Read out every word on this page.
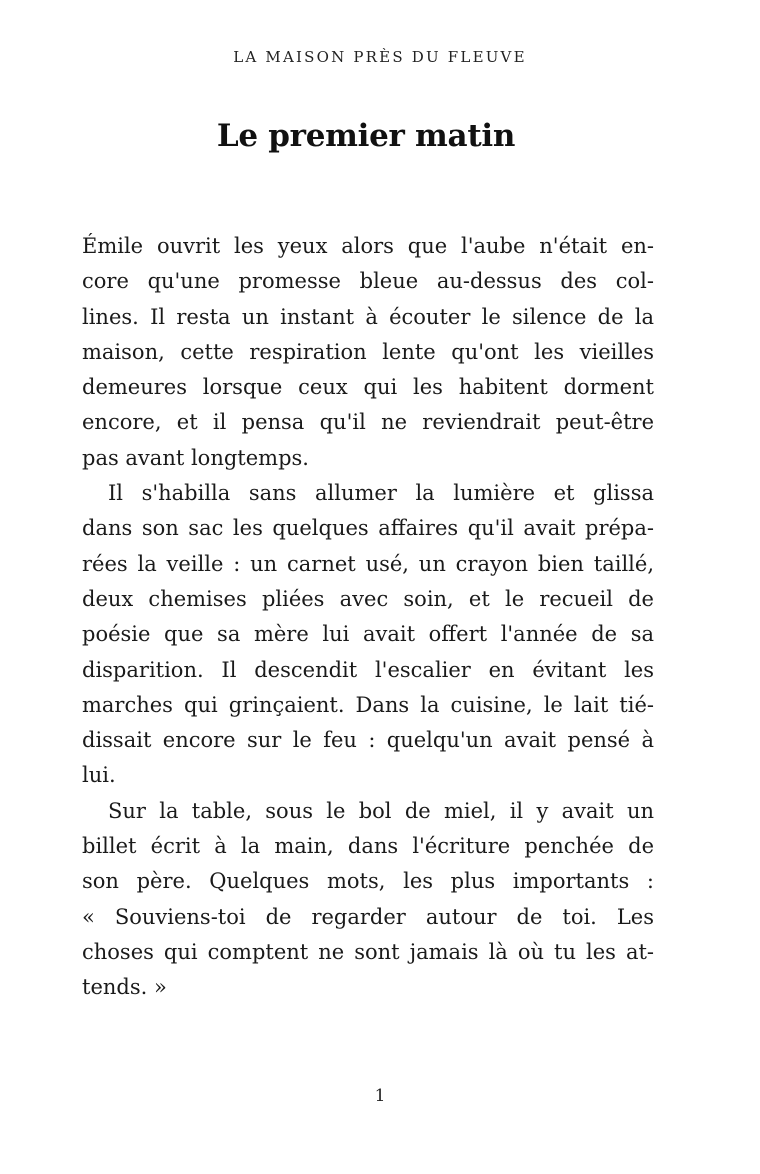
LA MAISON PRÈS DU FLEUVE
Le premier matin
Émile ouvrit les yeux alors que l'aube n'était en-
core qu'une promesse bleue au-dessus des col-
lines. Il resta un instant à écouter le silence de la
maison, cette respiration lente qu'ont les vieilles
demeures lorsque ceux qui les habitent dorment
encore, et il pensa qu'il ne reviendrait peut-être
pas avant longtemps.
Il s'habilla sans allumer la lumière et glissa
dans son sac les quelques affaires qu'il avait prépa-
rées la veille : un carnet usé, un crayon bien taillé,
deux chemises pliées avec soin, et le recueil de
poésie que sa mère lui avait offert l'année de sa
disparition. Il descendit l'escalier en évitant les
marches qui grinçaient. Dans la cuisine, le lait tié-
dissait encore sur le feu : quelqu'un avait pensé à
lui.
Sur la table, sous le bol de miel, il y avait un
billet écrit à la main, dans l'écriture penchée de
son père. Quelques mots, les plus importants :
« Souviens-toi de regarder autour de toi. Les
choses qui comptent ne sont jamais là où tu les at-
tends. »
1
